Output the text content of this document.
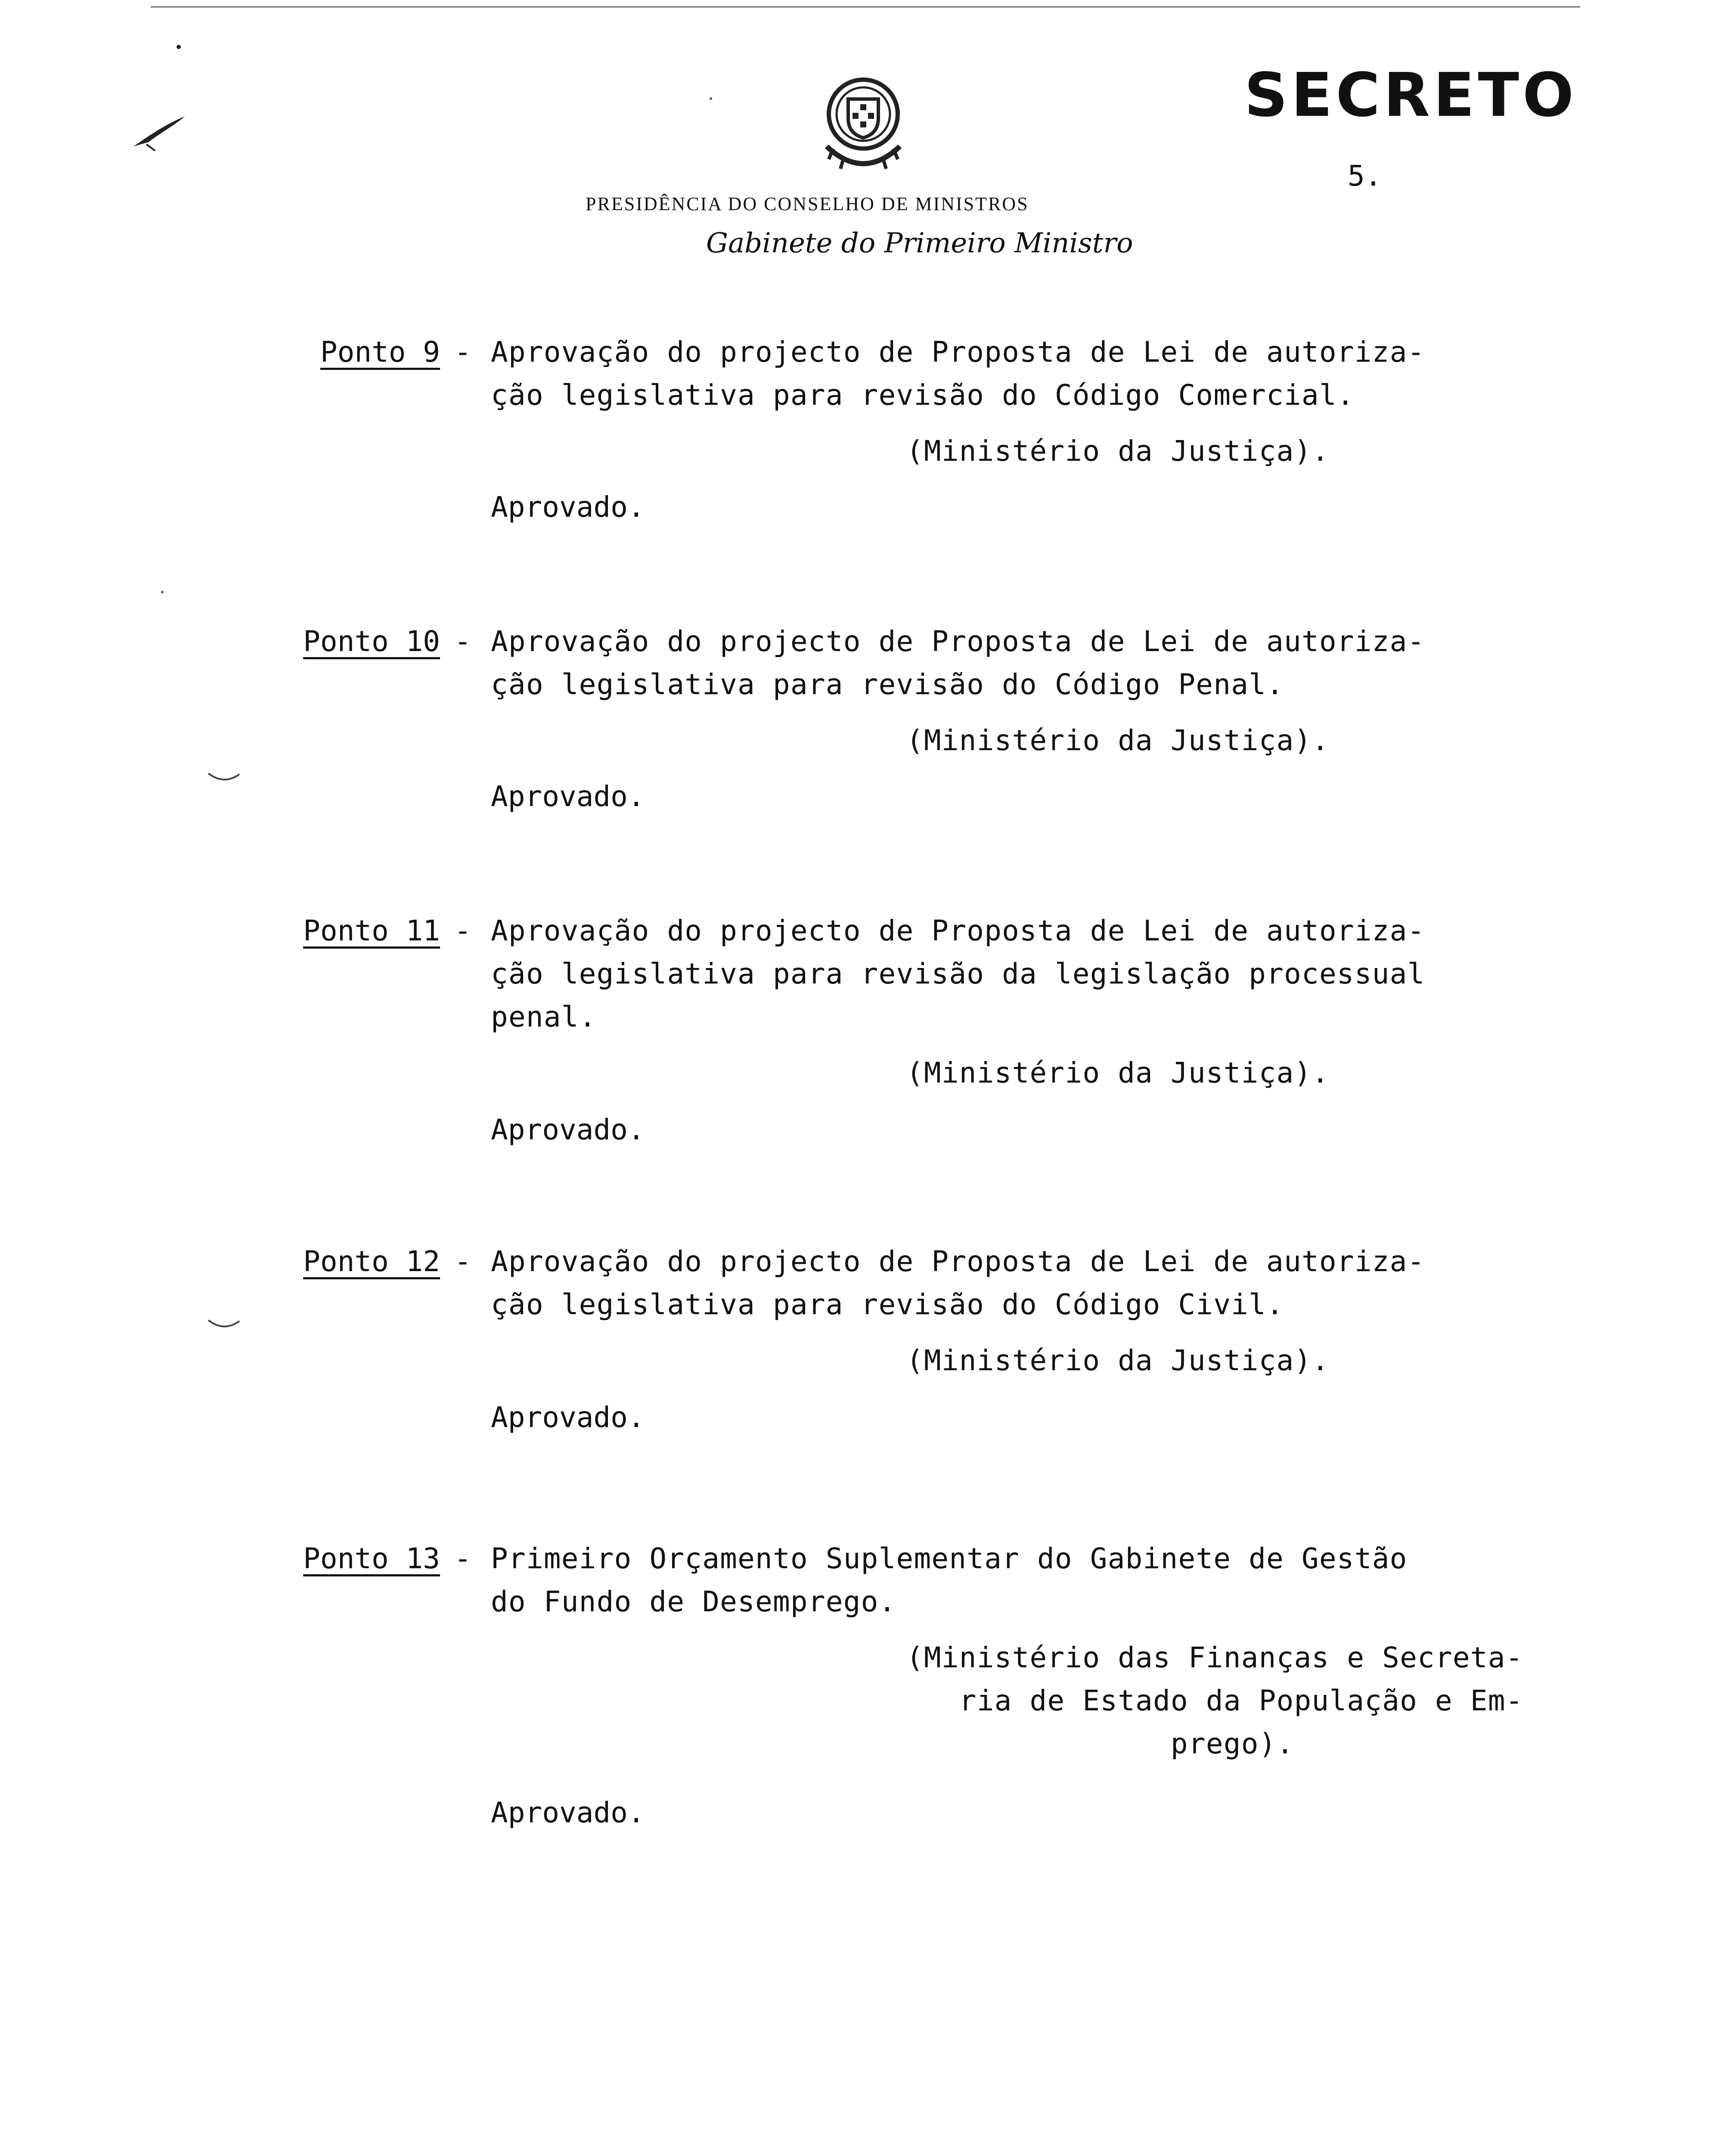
SECRETO
5.
PRESIDÊNCIA DO CONSELHO DE MINISTROS
Gabinete do Primeiro Ministro
Ponto 9 - Aprovação do projecto de Proposta de Lei de autoriza-
ção legislativa para revisão do Código Comercial.
(Ministério da Justiça).
Aprovado.
Ponto 10 - Aprovação do projecto de Proposta de Lei de autoriza-
ção legislativa para revisão do Código Penal.
(Ministério da Justiça).
Aprovado.
Ponto 11 - Aprovação do projecto de Proposta de Lei de autoriza-
ção legislativa para revisão da legislação processual
penal.
(Ministério da Justiça).
Aprovado.
Ponto 12 - Aprovação do projecto de Proposta de Lei de autoriza-
ção legislativa para revisão do Código Civil.
(Ministério da Justiça).
Aprovado.
Ponto 13 - Primeiro Orçamento Suplementar do Gabinete de Gestão
do Fundo de Desemprego.
(Ministério das Finanças e Secreta-
ria de Estado da População e Em-
prego).
Aprovado.
